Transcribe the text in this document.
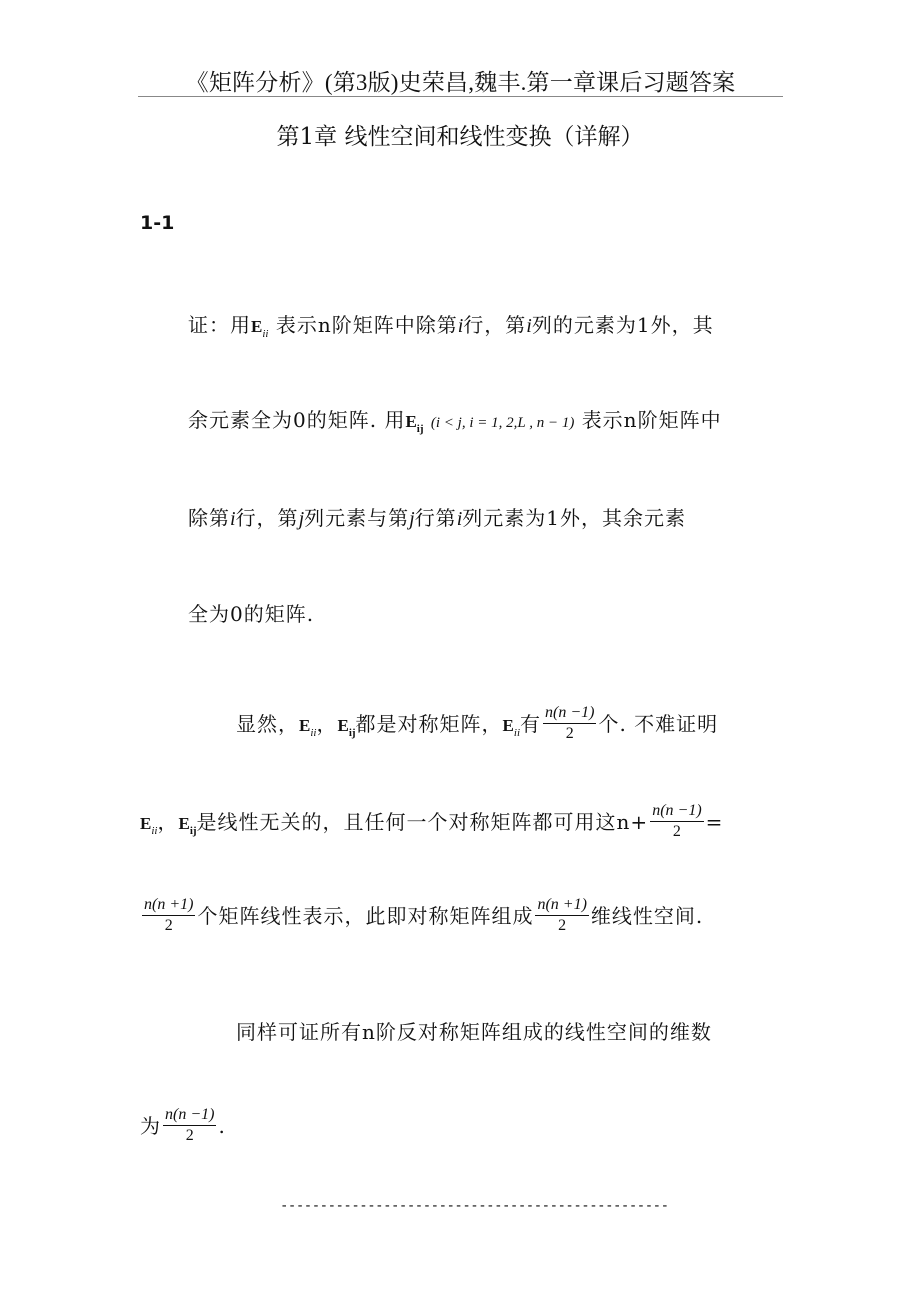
《矩阵分析》(第3版)史荣昌,魏丰.第一章课后习题答案
第1章 线性空间和线性变换（详解）
1-1
证：用$E_{ii}$ 表示n阶矩阵中除第i行，第i列的元素为1外，其
余元素全为0的矩阵. 用$E_{ij}$ (i < j, i = 1, 2,L , n − 1) 表示n阶矩阵中
除第i行，第j列元素与第j行第i列元素为1外，其余元素
全为0的矩阵.
显然，$E_{ii}$，$E_{ij}$都是对称矩阵，$E_{ii}$有 $\frac{n(n -1)}{2}$ 个. 不难证明
$E_{ii}$，$E_{ij}$是线性无关的，且任何一个对称矩阵都可用这$n+ \frac{n(n -1)}{2}$ =
$\frac{n(n +1)}{2}$ 个矩阵线性表示，此即对称矩阵组成 $\frac{n(n +1)}{2}$ 维线性空间.
同样可证所有n阶反对称矩阵组成的线性空间的维数
为 $\frac{n(n -1)}{2}$ .
-------------------------------------------------
